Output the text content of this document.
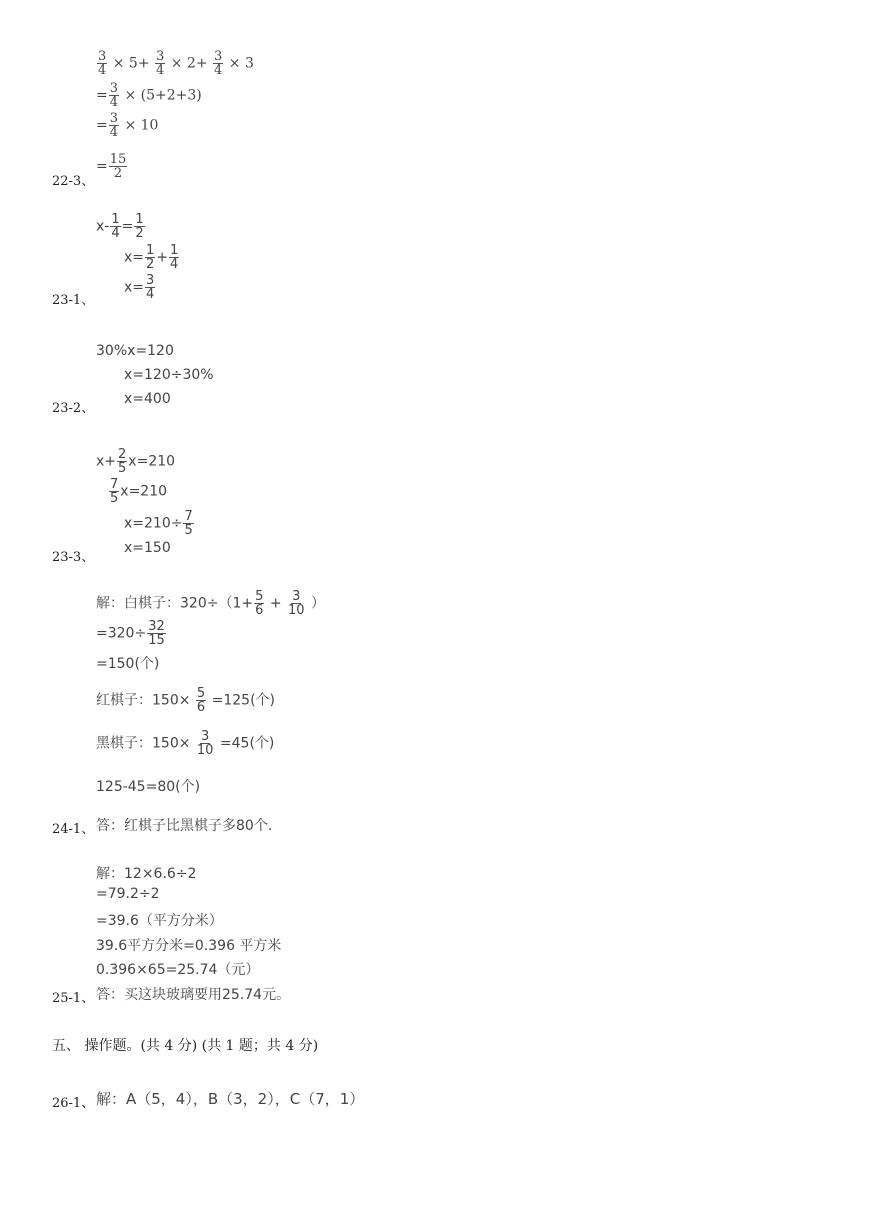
$\frac{3}{4} \times 5+ \frac{3}{4} \times 2+ \frac{3}{4} \times 3$
= $\frac{3}{4} \times (5+2+3)$
= $\frac{3}{4} \times 10$
22-3、
= $\frac{15}{2}$
$x- \frac{1}{4} = \frac{1}{2}$
$x= \frac{1}{2} + \frac{1}{4}$
$x= \frac{3}{4}$
23-1、
30%x=120
x=120÷30%
x=400
23-2、
$x+ \frac{2}{5} x=210$
$\frac{7}{5} x=210$
$x=210\div \frac{7}{5}$
x=150
23-3、
解：白棋子：$320\div(1+ \frac{5}{6} + \frac{3}{10}$ ）
$=320\div \frac{32}{15}$
=150(个)
红棋子：$150\times \frac{5}{6} =125$(个)
黑棋子：$150\times \frac{3}{10} =45$(个)
125-45=80(个)
24-1、 答：红棋子比黑棋子多80个.
解：12×6.6÷2
=79.2÷2
=39.6（平方分米）
39.6平方分米=0.396 平方米
0.396×65=25.74（元）
25-1、 答：买这块玻璃要用25.74元。
五、 操作题。(共 4 分) (共 1 题；共 4 分)
26-1、 解：A（5，4），B（3，2），C（7，1）
